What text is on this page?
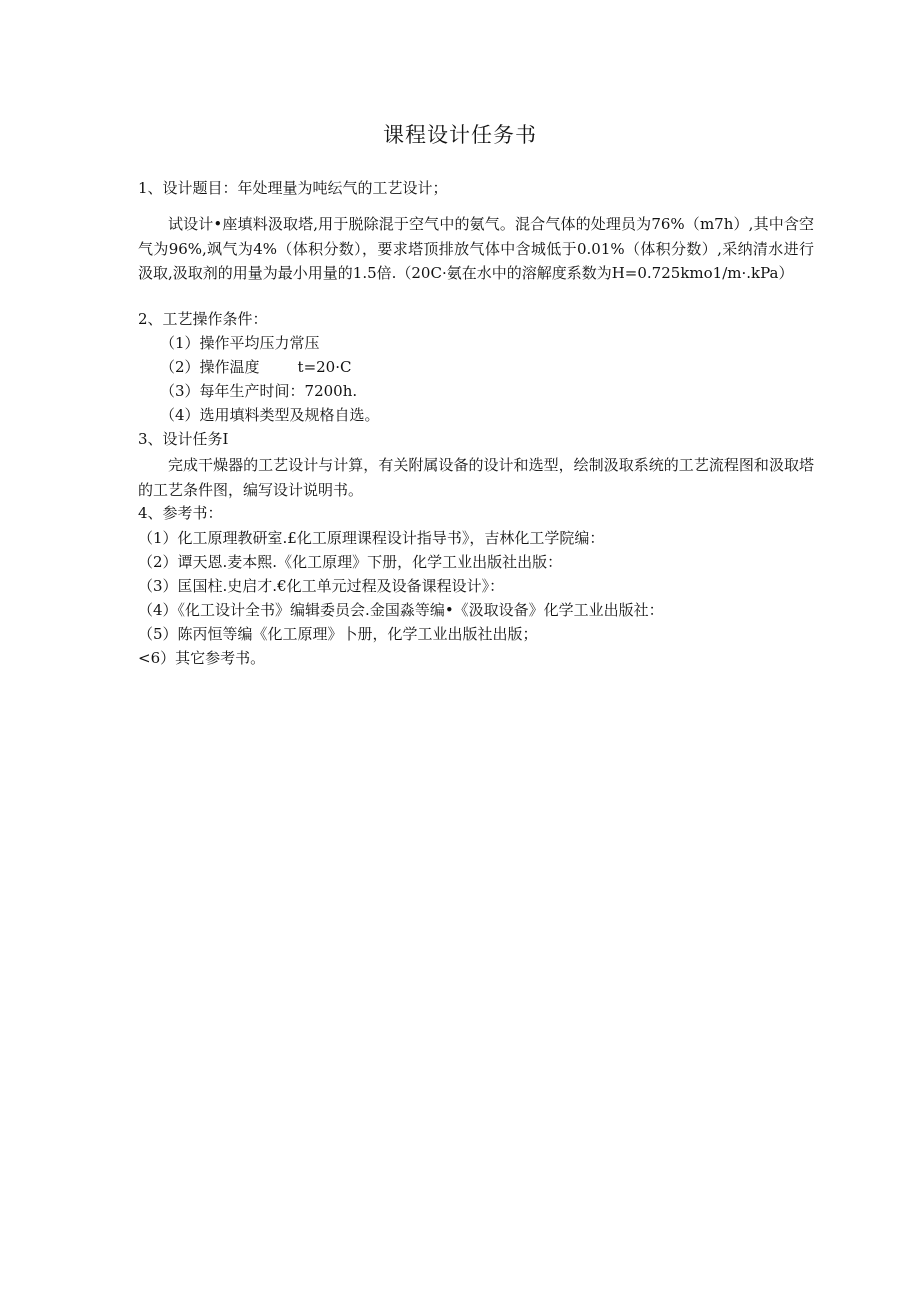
课程设计任务书
1、设计题目：年处理量为吨纭气的工艺设计；
试设计•座填料汲取塔,用于脱除混于空气中的氨气。混合气体的处理员为76%（m7h）,其中含空气为96%,飒气为4%（体积分数），要求塔顶排放气体中含城低于0.01%（体积分数）,采纳清水进行汲取,汲取剂的用量为最小用量的1.5倍.（20C·氨在水中的溶解度系数为H=0.725kmo1∕m·.kPa）
2、工艺操作条件：
（1）操作平均压力常压
（2）操作温度	t=20·C
（3）每年生产时间：7200h.
（4）选用填料类型及规格自选。
3、设计任务I
完成干燥器的工艺设计与计算，有关附属设备的设计和选型，绘制汲取系统的工艺流程图和汲取塔的工艺条件图，编写设计说明书。
4、参考书：
（1）化工原理教研室.£化工原理课程设计指导书》，吉林化工学院编：
（2）谭天恩.麦本熙.《化工原理》下册，化学工业出版社出版：
（3）匡国柱.史启才.€化工单元过程及设备课程设计》：
（4）《化工设计全书》编辑委员会.金国淼等编•《汲取设备》化学工业出版社：
（5）陈丙恒等编《化工原理》卜册，化学工业出版社出版；
<6）其它参考书。
